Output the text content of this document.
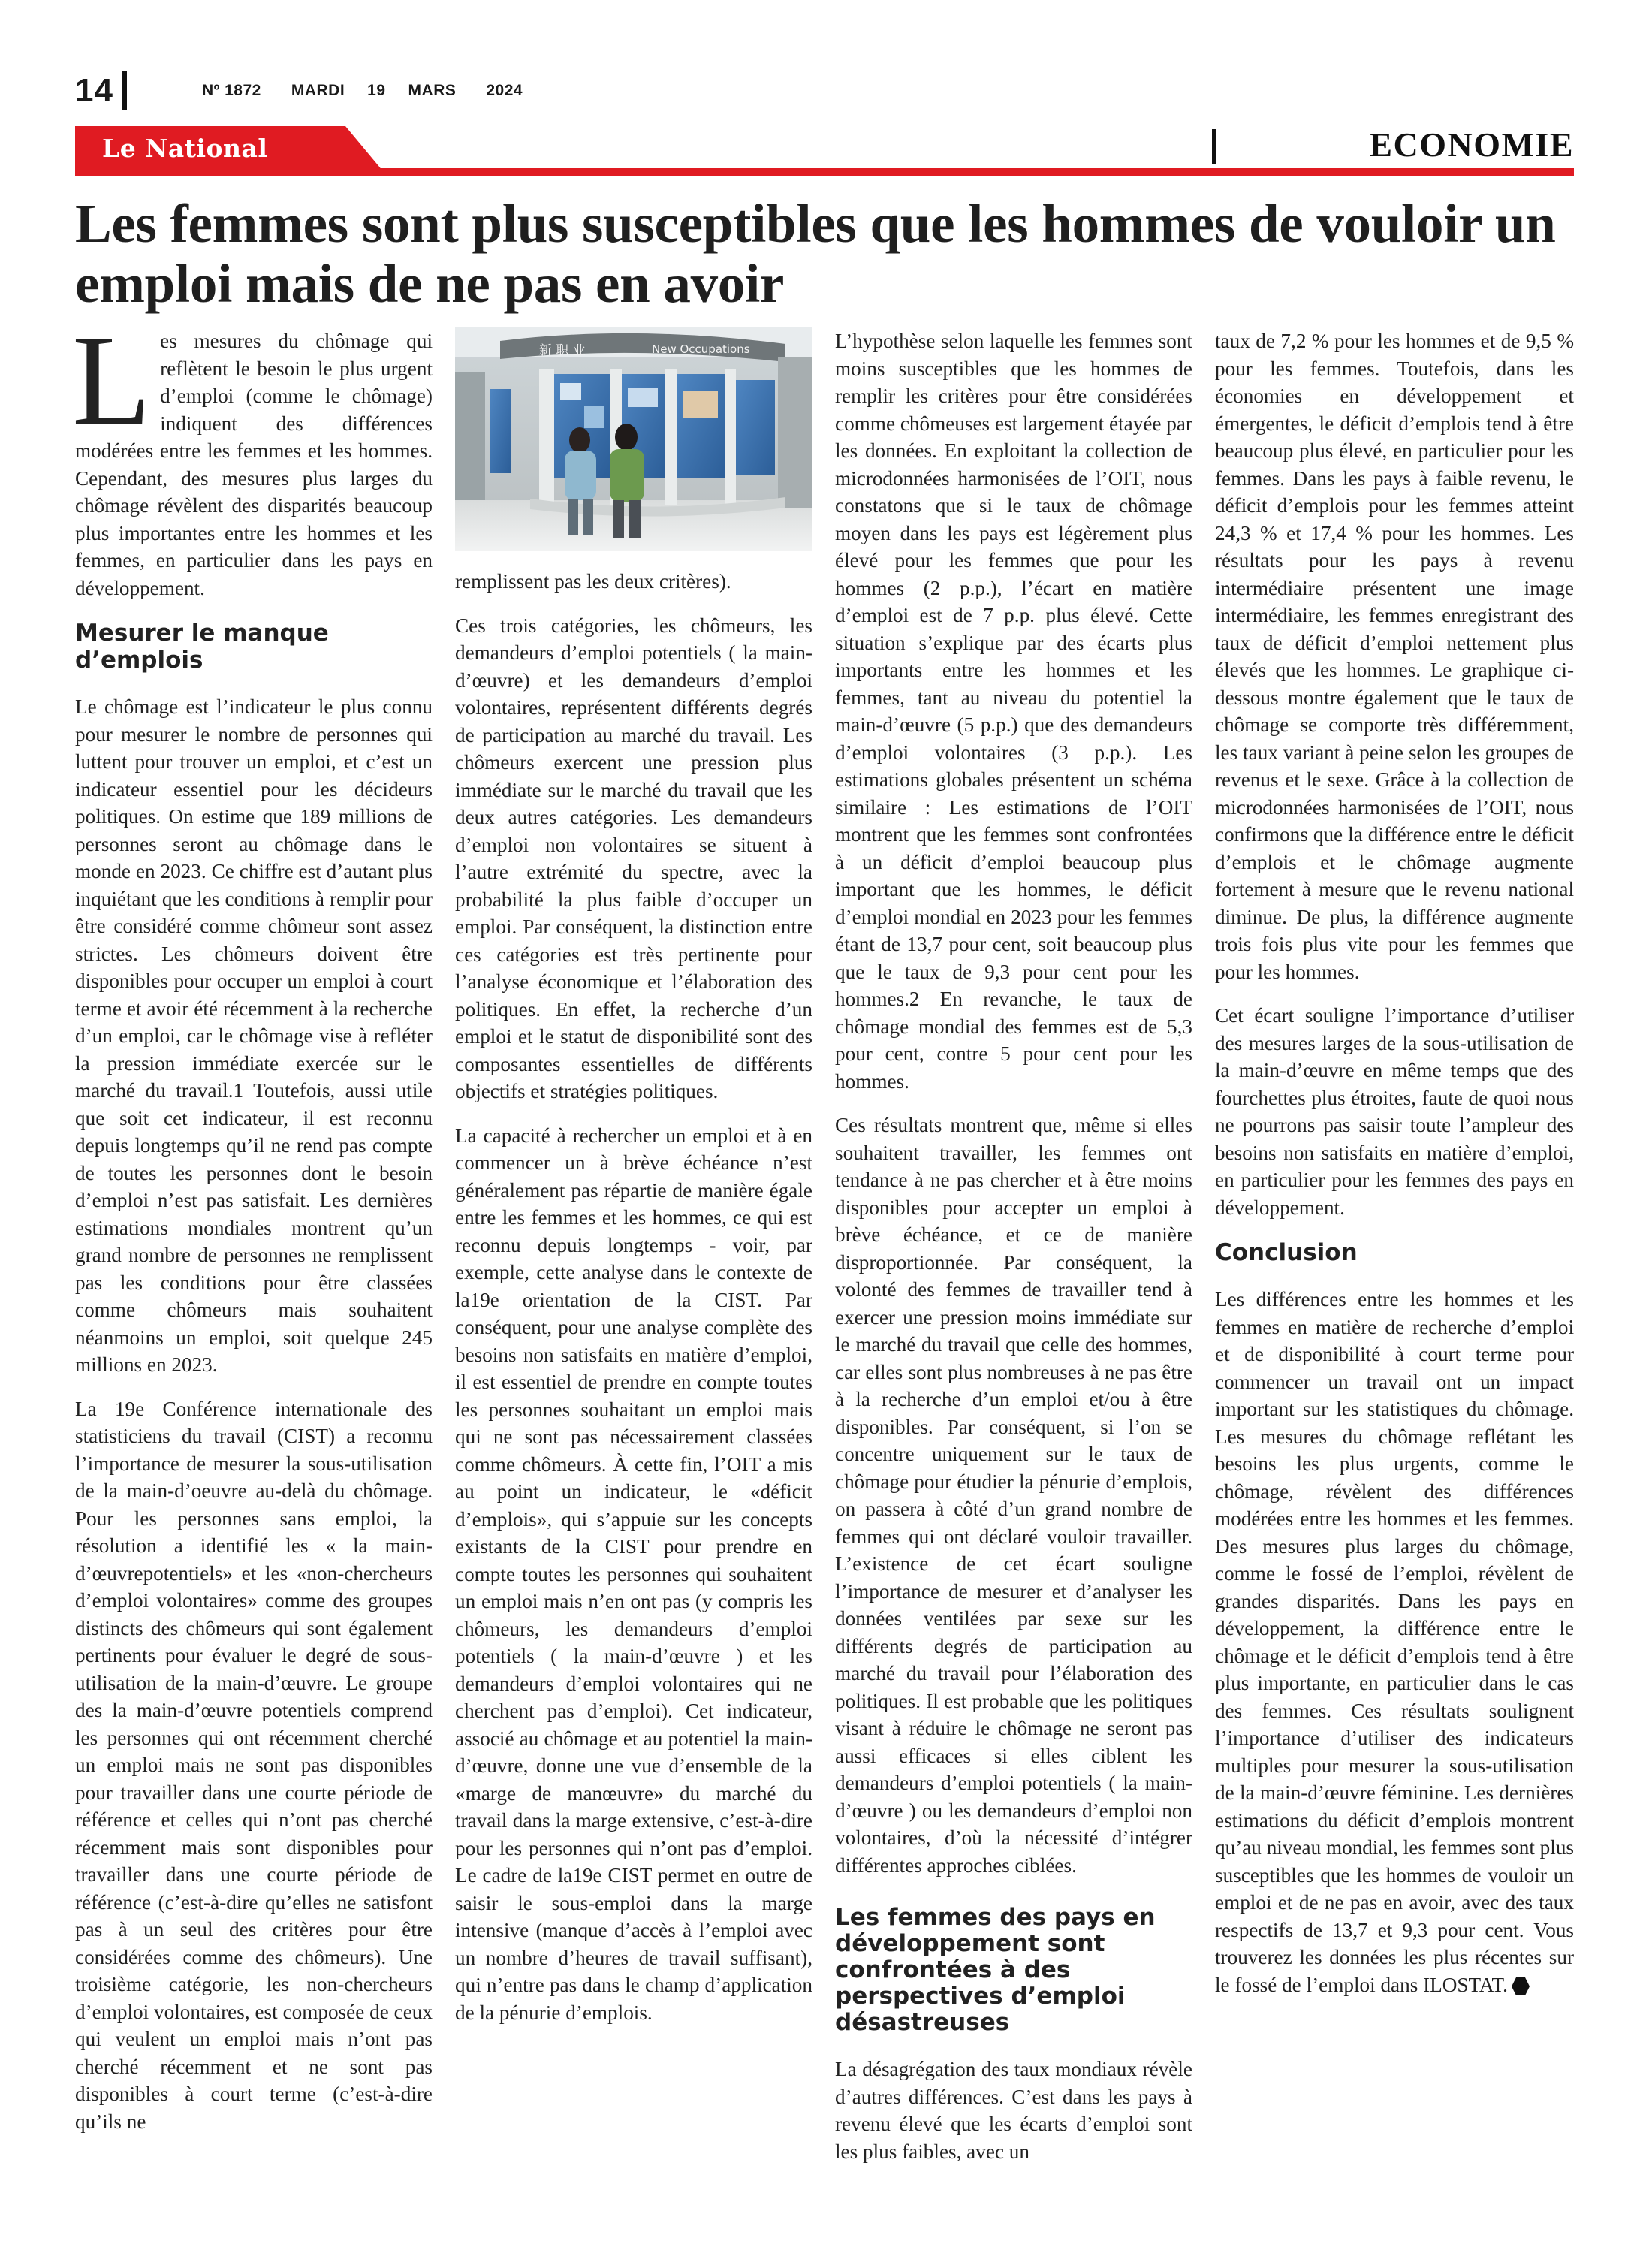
14	Nº 1872 MARDI 19 MARS 2024
Le National	ECONOMIE
Les femmes sont plus susceptibles que les hommes de vouloir un emploi mais de ne pas en avoir

Les mesures du chômage qui reflètent le besoin le plus urgent d’emploi (comme le chômage) indiquent des différences modérées entre les femmes et les hommes. Cependant, des mesures plus larges du chômage révèlent des disparités beaucoup plus importantes entre les hommes et les femmes, en particulier dans les pays en développement.

Mesurer le manque d’emplois

Le chômage est l’indicateur le plus connu pour mesurer le nombre de personnes qui luttent pour trouver un emploi, et c’est un indicateur essentiel pour les décideurs politiques. On estime que 189 millions de personnes seront au chômage dans le monde en 2023. Ce chiffre est d’autant plus inquiétant que les conditions à remplir pour être considéré comme chômeur sont assez strictes. Les chômeurs doivent être disponibles pour occuper un emploi à court terme et avoir été récemment à la recherche d’un emploi, car le chômage vise à refléter la pression immédiate exercée sur le marché du travail.1 Toutefois, aussi utile que soit cet indicateur, il est reconnu depuis longtemps qu’il ne rend pas compte de toutes les personnes dont le besoin d’emploi n’est pas satisfait. Les dernières estimations mondiales montrent qu’un grand nombre de personnes ne remplissent pas les conditions pour être classées comme chômeurs mais souhaitent néanmoins un emploi, soit quelque 245 millions en 2023.

La 19e Conférence internationale des statisticiens du travail (CIST) a reconnu l’importance de mesurer la sous-utilisation de la main-d’oeuvre au-delà du chômage. Pour les personnes sans emploi, la résolution a identifié les « la main-d’œuvrepotentiels» et les «non-chercheurs d’emploi volontaires» comme des groupes distincts des chômeurs qui sont également pertinents pour évaluer le degré de sous-utilisation de la main-d’œuvre. Le groupe des la main-d’œuvre potentiels comprend les personnes qui ont récemment cherché un emploi mais ne sont pas disponibles pour travailler dans une courte période de référence et celles qui n’ont pas cherché récemment mais sont disponibles pour travailler dans une courte période de référence (c’est-à-dire qu’elles ne satisfont pas à un seul des critères pour être considérées comme des chômeurs). Une troisième catégorie, les non-chercheurs d’emploi volontaires, est composée de ceux qui veulent un emploi mais n’ont pas cherché récemment et ne sont pas disponibles à court terme (c’est-à-dire qu’ils ne

新 职 业	New Occupations

remplissent pas les deux critères).

Ces trois catégories, les chômeurs, les demandeurs d’emploi potentiels ( la main-d’œuvre) et les demandeurs d’emploi volontaires, représentent différents degrés de participation au marché du travail. Les chômeurs exercent une pression plus immédiate sur le marché du travail que les deux autres catégories. Les demandeurs d’emploi non volontaires se situent à l’autre extrémité du spectre, avec la probabilité la plus faible d’occuper un emploi. Par conséquent, la distinction entre ces catégories est très pertinente pour l’analyse économique et l’élaboration des politiques. En effet, la recherche d’un emploi et le statut de disponibilité sont des composantes essentielles de différents objectifs et stratégies politiques.

La capacité à rechercher un emploi et à en commencer un à brève échéance n’est généralement pas répartie de manière égale entre les femmes et les hommes, ce qui est reconnu depuis longtemps - voir, par exemple, cette analyse dans le contexte de la19e orientation de la CIST. Par conséquent, pour une analyse complète des besoins non satisfaits en matière d’emploi, il est essentiel de prendre en compte toutes les personnes souhaitant un emploi mais qui ne sont pas nécessairement classées comme chômeurs. À cette fin, l’OIT a mis au point un indicateur, le «déficit d’emplois», qui s’appuie sur les concepts existants de la CIST pour prendre en compte toutes les personnes qui souhaitent un emploi mais n’en ont pas (y compris les chômeurs, les demandeurs d’emploi potentiels ( la main-d’œuvre ) et les demandeurs d’emploi volontaires qui ne cherchent pas d’emploi). Cet indicateur, associé au chômage et au potentiel la main-d’œuvre, donne une vue d’ensemble de la «marge de manœuvre» du marché du travail dans la marge extensive, c’est-à-dire pour les personnes qui n’ont pas d’emploi. Le cadre de la19e CIST permet en outre de saisir le sous-emploi dans la marge intensive (manque d’accès à l’emploi avec un nombre d’heures de travail suffisant), qui n’entre pas dans le champ d’application de la pénurie d’emplois.

L’hypothèse selon laquelle les femmes sont moins susceptibles que les hommes de remplir les critères pour être considérées comme chômeuses est largement étayée par les données. En exploitant la collection de microdonnées harmonisées de l’OIT, nous constatons que si le taux de chômage moyen dans les pays est légèrement plus élevé pour les femmes que pour les hommes (2 p.p.), l’écart en matière d’emploi est de 7 p.p. plus élevé. Cette situation s’explique par des écarts plus importants entre les hommes et les femmes, tant au niveau du potentiel la main-d’œuvre (5 p.p.) que des demandeurs d’emploi volontaires (3 p.p.). Les estimations globales présentent un schéma similaire : Les estimations de l’OIT montrent que les femmes sont confrontées à un déficit d’emploi beaucoup plus important que les hommes, le déficit d’emploi mondial en 2023 pour les femmes étant de 13,7 pour cent, soit beaucoup plus que le taux de 9,3 pour cent pour les hommes.2 En revanche, le taux de chômage mondial des femmes est de 5,3 pour cent, contre 5 pour cent pour les hommes.

Ces résultats montrent que, même si elles souhaitent travailler, les femmes ont tendance à ne pas chercher et à être moins disponibles pour accepter un emploi à brève échéance, et ce de manière disproportionnée. Par conséquent, la volonté des femmes de travailler tend à exercer une pression moins immédiate sur le marché du travail que celle des hommes, car elles sont plus nombreuses à ne pas être à la recherche d’un emploi et/ou à être disponibles. Par conséquent, si l’on se concentre uniquement sur le taux de chômage pour étudier la pénurie d’emplois, on passera à côté d’un grand nombre de femmes qui ont déclaré vouloir travailler. L’existence de cet écart souligne l’importance de mesurer et d’analyser les données ventilées par sexe sur les différents degrés de participation au marché du travail pour l’élaboration des politiques. Il est probable que les politiques visant à réduire le chômage ne seront pas aussi efficaces si elles ciblent les demandeurs d’emploi potentiels ( la main-d’œuvre ) ou les demandeurs d’emploi non volontaires, d’où la nécessité d’intégrer différentes approches ciblées.

Les femmes des pays en développement sont confrontées à des perspectives d’emploi désastreuses

La désagrégation des taux mondiaux révèle d’autres différences. C’est dans les pays à revenu élevé que les écarts d’emploi sont les plus faibles, avec un

taux de 7,2 % pour les hommes et de 9,5 % pour les femmes. Toutefois, dans les économies en développement et émergentes, le déficit d’emplois tend à être beaucoup plus élevé, en particulier pour les femmes. Dans les pays à faible revenu, le déficit d’emplois pour les femmes atteint 24,3 % et 17,4 % pour les hommes. Les résultats pour les pays à revenu intermédiaire présentent une image intermédiaire, les femmes enregistrant des taux de déficit d’emploi nettement plus élevés que les hommes. Le graphique ci-dessous montre également que le taux de chômage se comporte très différemment, les taux variant à peine selon les groupes de revenus et le sexe. Grâce à la collection de microdonnées harmonisées de l’OIT, nous confirmons que la différence entre le déficit d’emplois et le chômage augmente fortement à mesure que le revenu national diminue. De plus, la différence augmente trois fois plus vite pour les femmes que pour les hommes.

Cet écart souligne l’importance d’utiliser des mesures larges de la sous-utilisation de la main-d’œuvre en même temps que des fourchettes plus étroites, faute de quoi nous ne pourrons pas saisir toute l’ampleur des besoins non satisfaits en matière d’emploi, en particulier pour les femmes des pays en développement.

Conclusion

Les différences entre les hommes et les femmes en matière de recherche d’emploi et de disponibilité à court terme pour commencer un travail ont un impact important sur les statistiques du chômage. Les mesures du chômage reflétant les besoins les plus urgents, comme le chômage, révèlent des différences modérées entre les hommes et les femmes. Des mesures plus larges du chômage, comme le fossé de l’emploi, révèlent de grandes disparités. Dans les pays en développement, la différence entre le chômage et le déficit d’emplois tend à être plus importante, en particulier dans le cas des femmes. Ces résultats soulignent l’importance d’utiliser des indicateurs multiples pour mesurer la sous-utilisation de la main-d’œuvre féminine. Les dernières estimations du déficit d’emplois montrent qu’au niveau mondial, les femmes sont plus susceptibles que les hommes de vouloir un emploi et de ne pas en avoir, avec des taux respectifs de 13,7 et 9,3 pour cent. Vous trouverez les données les plus récentes sur le fossé de l’emploi dans ILOSTAT.
